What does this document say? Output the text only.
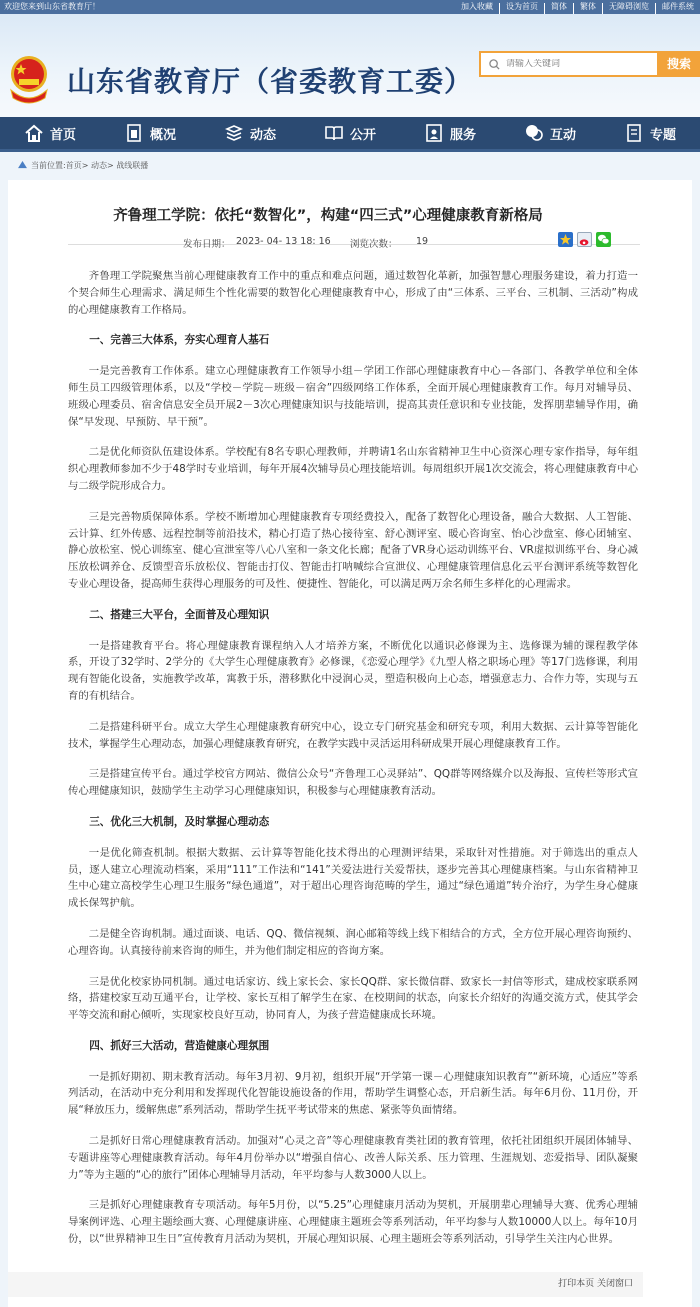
欢迎您来到山东省教育厅！	加入收藏	设为首页	简体	繁体	无障碍浏览	邮件系统
山东省教育厅（省委教育工委）
请输入关键词
搜索
首页	概况	动态	公开	服务	互动	专题
当前位置: 首页 >
动态 >
战线联播
齐鲁理工学院：依托“数智化”，构建“四三式”心理健康教育新格局
发布日期： 2023- 04- 13 18: 16 浏览次数： 19

齐鲁理工学院聚焦当前心理健康教育工作中的重点和难点问题，通过数智化革新，加强智慧心理服务建设，着力打造一个契合师生心理需求、满足师生个性化需要的数智化心理健康教育中心，形成了由“三体系、三平台、三机制、三活动”构成的心理健康教育工作格局。

一、完善三大体系，夯实心理育人基石

一是完善教育工作体系。建立心理健康教育工作领导小组－学团工作部心理健康教育中心－各部门、各教学单位和全体师生员工四级管理体系，以及“学校－学院－班级－宿舍”四级网络工作体系，全面开展心理健康教育工作。每月对辅导员、班级心理委员、宿舍信息安全员开展2－3次心理健康知识与技能培训，提高其责任意识和专业技能，发挥朋辈辅导作用，确保“早发现、早预防、早干预”。

二是优化师资队伍建设体系。学校配有8名专职心理教师，并聘请1名山东省精神卫生中心资深心理专家作指导，每年组织心理教师参加不少于48学时专业培训，每年开展4次辅导员心理技能培训。每周组织开展1次交流会，将心理健康教育中心与二级学院形成合力。

三是完善物质保障体系。学校不断增加心理健康教育专项经费投入，配备了数智化心理设备，融合大数据、人工智能、云计算、红外传感、远程控制等前沿技术，精心打造了热心接待室、舒心测评室、暖心咨询室、怡心沙盘室、修心团辅室、静心放松室、悦心训练室、健心宣泄室等八心八室和一条文化长廊；配备了VR身心运动训练平台、VR虚拟训练平台、身心减压放松调养仓、反馈型音乐放松仪、智能击打仪、智能击打呐喊综合宣泄仪、心理健康管理信息化云平台测评系统等数智化专业心理设备，提高师生获得心理服务的可及性、便捷性、智能化，可以满足两万余名师生多样化的心理需求。

二、搭建三大平台，全面普及心理知识

一是搭建教育平台。将心理健康教育课程纳入人才培养方案，不断优化以通识必修课为主、选修课为辅的课程教学体系，开设了32学时、2学分的《大学生心理健康教育》必修课，《恋爱心理学》《九型人格之职场心理》等17门选修课，利用现有智能化设备，实施教学改革，寓教于乐，潜移默化中浸润心灵，塑造积极向上心态，增强意志力、合作力等，实现与五育的有机结合。

二是搭建科研平台。成立大学生心理健康教育研究中心，设立专门研究基金和研究专项，利用大数据、云计算等智能化技术，掌握学生心理动态，加强心理健康教育研究，在教学实践中灵活运用科研成果开展心理健康教育工作。

三是搭建宣传平台。通过学校官方网站、微信公众号“齐鲁理工心灵驿站”、QQ群等网络媒介以及海报、宣传栏等形式宣传心理健康知识，鼓励学生主动学习心理健康知识，积极参与心理健康教育活动。

三、优化三大机制，及时掌握心理动态

一是优化筛查机制。根据大数据、云计算等智能化技术得出的心理测评结果，采取针对性措施。对于筛选出的重点人员，逐人建立心理流动档案，采用“111”工作法和“141”关爱法进行关爱帮扶，逐步完善其心理健康档案。与山东省精神卫生中心建立高校学生心理卫生服务“绿色通道”，对于超出心理咨询范畴的学生，通过“绿色通道”转介治疗，为学生身心健康成长保驾护航。

二是健全咨询机制。通过面谈、电话、QQ、微信视频、润心邮箱等线上线下相结合的方式，全方位开展心理咨询预约、心理咨询。认真接待前来咨询的师生，并为他们制定相应的咨询方案。

三是优化校家协同机制。通过电话家访、线上家长会、家长QQ群、家长微信群、致家长一封信等形式，建成校家联系网络，搭建校家互动互通平台，让学校、家长互相了解学生在家、在校期间的状态，向家长介绍好的沟通交流方式，使其学会平等交流和耐心倾听，实现家校良好互动，协同育人，为孩子营造健康成长环境。

四、抓好三大活动，营造健康心理氛围

一是抓好期初、期末教育活动。每年3月初、9月初，组织开展“开学第一课－心理健康知识教育”“新环境，心适应”等系列活动，在活动中充分利用和发挥现代化智能设施设备的作用，帮助学生调整心态，开启新生活。每年6月份、11月份，开展“释放压力，缓解焦虑”系列活动，帮助学生抚平考试带来的焦虑、紧张等负面情绪。

二是抓好日常心理健康教育活动。加强对“心灵之音”等心理健康教育类社团的教育管理，依托社团组织开展团体辅导、专题讲座等心理健康教育活动。每年4月份举办以“增强自信心、改善人际关系、压力管理、生涯规划、恋爱指导、团队凝聚力”等为主题的“心的旅行”团体心理辅导月活动，年平均参与人数3000人以上。

三是抓好心理健康教育专项活动。每年5月份，以“5.25”心理健康月活动为契机，开展朋辈心理辅导大赛、优秀心理辅导案例评选、心理主题绘画大赛、心理健康讲座、心理健康主题班会等系列活动，年平均参与人数10000人以上。每年10月份，以“世界精神卫生日”宣传教育月活动为契机，开展心理知识展、心理主题班会等系列活动，引导学生关注内心世界。

打印本页 关闭窗口
